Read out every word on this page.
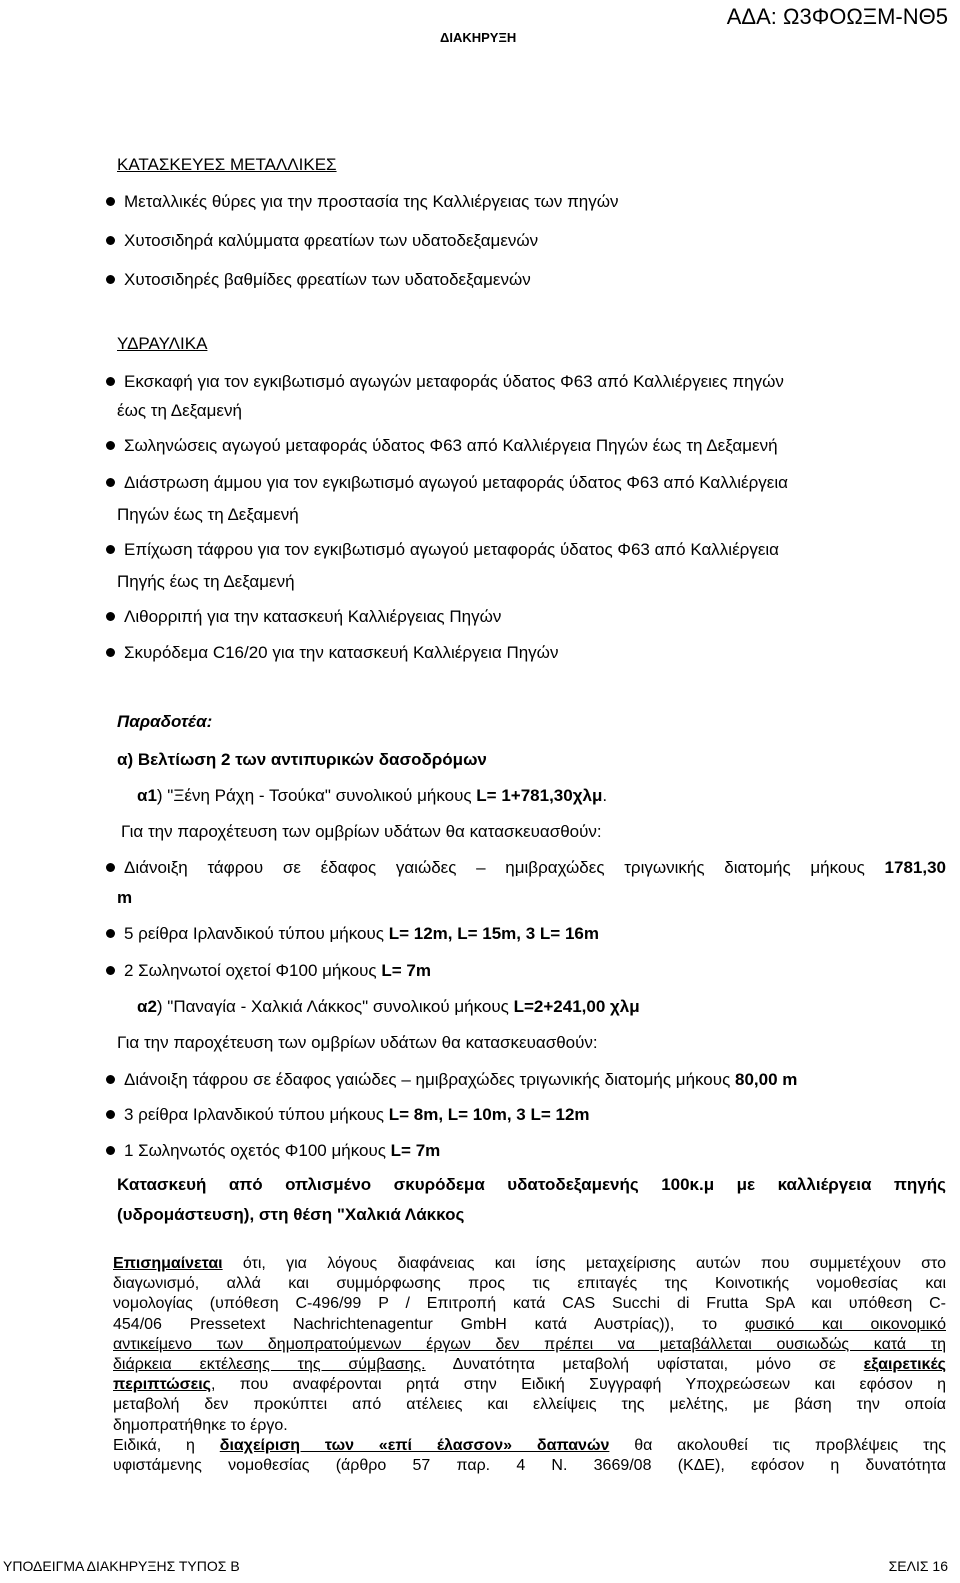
ΑΔΑ: Ω3ΦΟΩΞΜ-ΝΘ5
ΔΙΑΚΗΡΥΞΗ
ΚΑΤΑΣΚΕΥΕΣ ΜΕΤΑΛΛΙΚΕΣ
Μεταλλικές θύρες για την προστασία της Καλλιέργειας των πηγών
Χυτοσιδηρά καλύμματα φρεατίων των υδατοδεξαμενών
Χυτοσιδηρές βαθμίδες φρεατίων των υδατοδεξαμενών
ΥΔΡΑΥΛΙΚΑ
Εκσκαφή για τον εγκιβωτισμό αγωγών μεταφοράς ύδατος Φ63 από Καλλιέργειες πηγών
έως τη Δεξαμενή
Σωληνώσεις αγωγού μεταφοράς ύδατος Φ63 από Καλλιέργεια Πηγών έως τη Δεξαμενή
Διάστρωση άμμου για τον εγκιβωτισμό αγωγού μεταφοράς ύδατος Φ63 από Καλλιέργεια
Πηγών έως τη Δεξαμενή
Επίχωση τάφρου για τον εγκιβωτισμό αγωγού μεταφοράς ύδατος Φ63 από Καλλιέργεια
Πηγής έως τη Δεξαμενή
Λιθορριπή για την κατασκευή Καλλιέργειας Πηγών
Σκυρόδεμα C16/20 για την κατασκευή Καλλιέργεια Πηγών
Παραδοτέα:
α) Βελτίωση 2 των αντιπυρικών δασοδρόμων
α1) "Ξένη Ράχη - Τσούκα" συνολικού μήκους L= 1+781,30χλμ.
Για την παροχέτευση των ομβρίων υδάτων θα κατασκευασθούν:
Διάνοιξη τάφρου σε έδαφος γαιώδες – ημιβραχώδες τριγωνικής διατομής μήκους 1781,30
m
5 ρείθρα Ιρλανδικού τύπου μήκους L= 12m, L= 15m, 3 L= 16m
2 Σωληνωτοί οχετοί Φ100 μήκους L= 7m
α2) "Παναγία - Χαλκιά Λάκκος" συνολικού μήκους L=2+241,00 χλμ
Για την παροχέτευση των ομβρίων υδάτων θα κατασκευασθούν:
Διάνοιξη τάφρου σε έδαφος γαιώδες – ημιβραχώδες τριγωνικής διατομής μήκους 80,00 m
3 ρείθρα Ιρλανδικού τύπου μήκους L= 8m, L= 10m, 3 L= 12m
1 Σωληνωτός οχετός Φ100 μήκους L= 7m
Κατασκευή από οπλισμένο σκυρόδεμα υδατοδεξαμενής 100κ.μ με καλλιέργεια πηγής
(υδρομάστευση), στη θέση "Χαλκιά Λάκκος
Επισημαίνεται ότι, για λόγους διαφάνειας και ίσης μεταχείρισης αυτών που συμμετέχουν στο
διαγωνισμό, αλλά και συμμόρφωσης προς τις επιταγές της Κοινοτικής νομοθεσίας και
νομολογίας (υπόθεση C-496/99 P / Επιτροπή κατά CAS Succhi di Frutta SpA και υπόθεση C-
454/06 Pressetext Nachrichtenagentur GmbH κατά Αυστρίας)), το φυσικό και οικονομικό
αντικείμενο των δημοπρατούμενων έργων δεν πρέπει να μεταβάλλεται ουσιωδώς κατά τη
διάρκεια εκτέλεσης της σύμβασης. Δυνατότητα μεταβολή υφίσταται, μόνο σε εξαιρετικές
περιπτώσεις, που αναφέρονται ρητά στην Ειδική Συγγραφή Υποχρεώσεων και εφόσον η
μεταβολή δεν προκύπτει από ατέλειες και ελλείψεις της μελέτης, με βάση την οποία
δημοπρατήθηκε το έργο.
Ειδικά, η διαχείριση των «επί έλασσον» δαπανών θα ακολουθεί τις προβλέψεις της
υφιστάμενης νομοθεσίας (άρθρο 57 παρ. 4 Ν. 3669/08 (ΚΔΕ), εφόσον η δυνατότητα
ΥΠΟΔΕΙΓΜΑ ΔΙΑΚΗΡΥΞΗΣ ΤΥΠΟΣ Β	ΣΕΛΙΣ 16
